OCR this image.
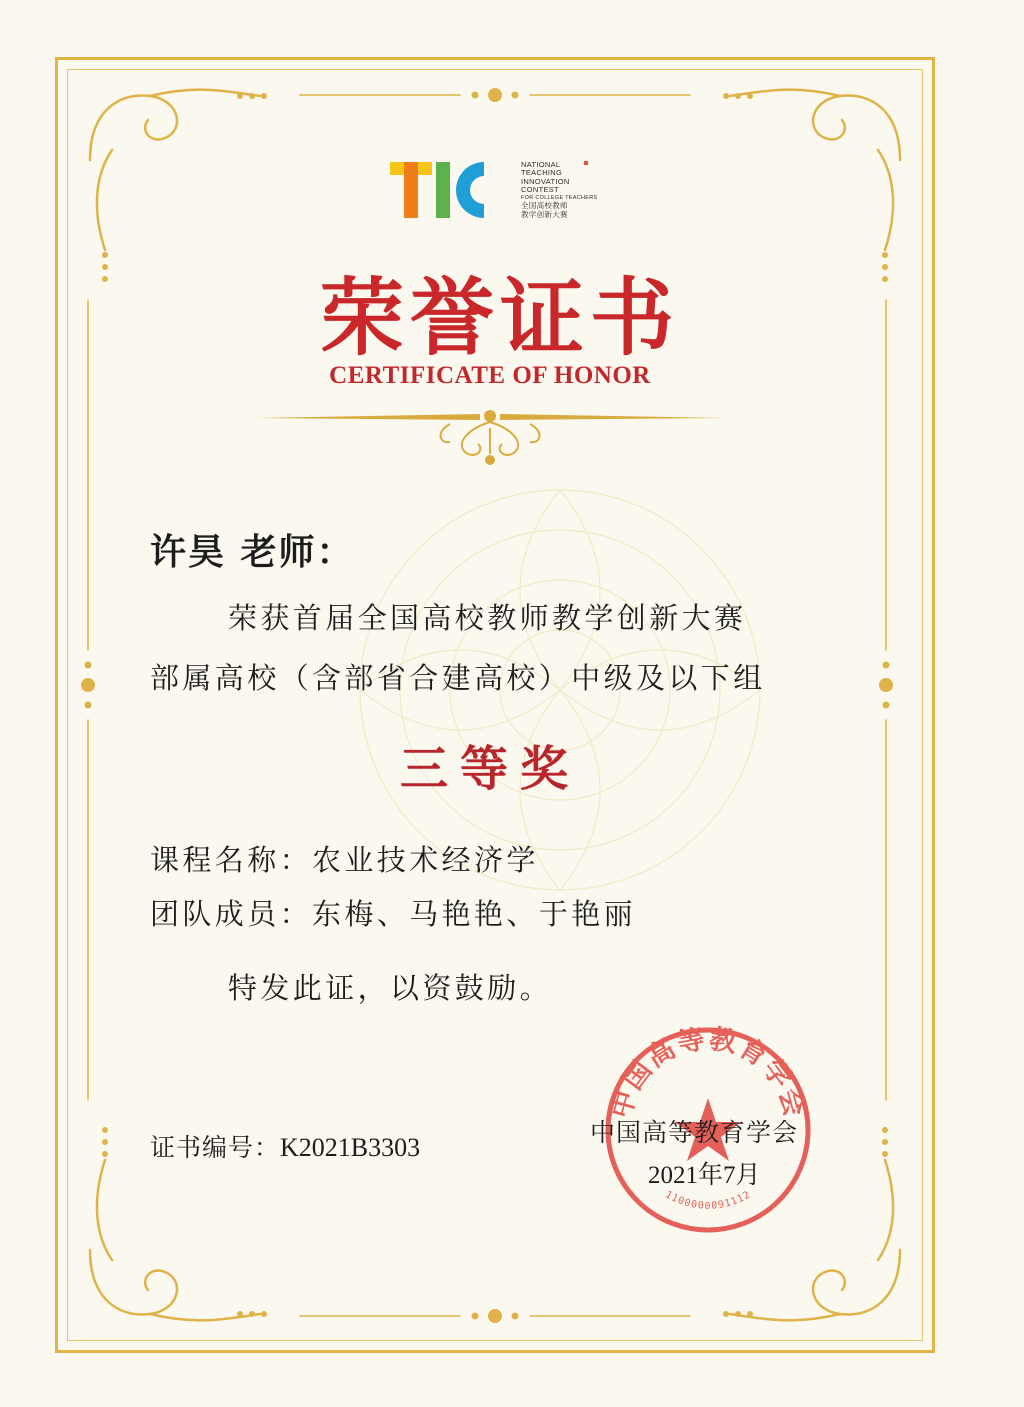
NATIONAL
TEACHING
INNOVATION
CONTEST
FOR COLLEGE TEACHERS
全国高校教师
教学创新大赛
荣誉证书
CERTIFICATE OF HONOR
许昊 老师：
荣获首届全国高校教师教学创新大赛
部属高校（含部省合建高校）中级及以下组
三等奖
课程名称：农业技术经济学
团队成员：东梅、马艳艳、于艳丽
特发此证，以资鼓励。
证书编号：K2021B3303
中国高等教育学会
1100000091112
中国高等教育学会
2021年7月
